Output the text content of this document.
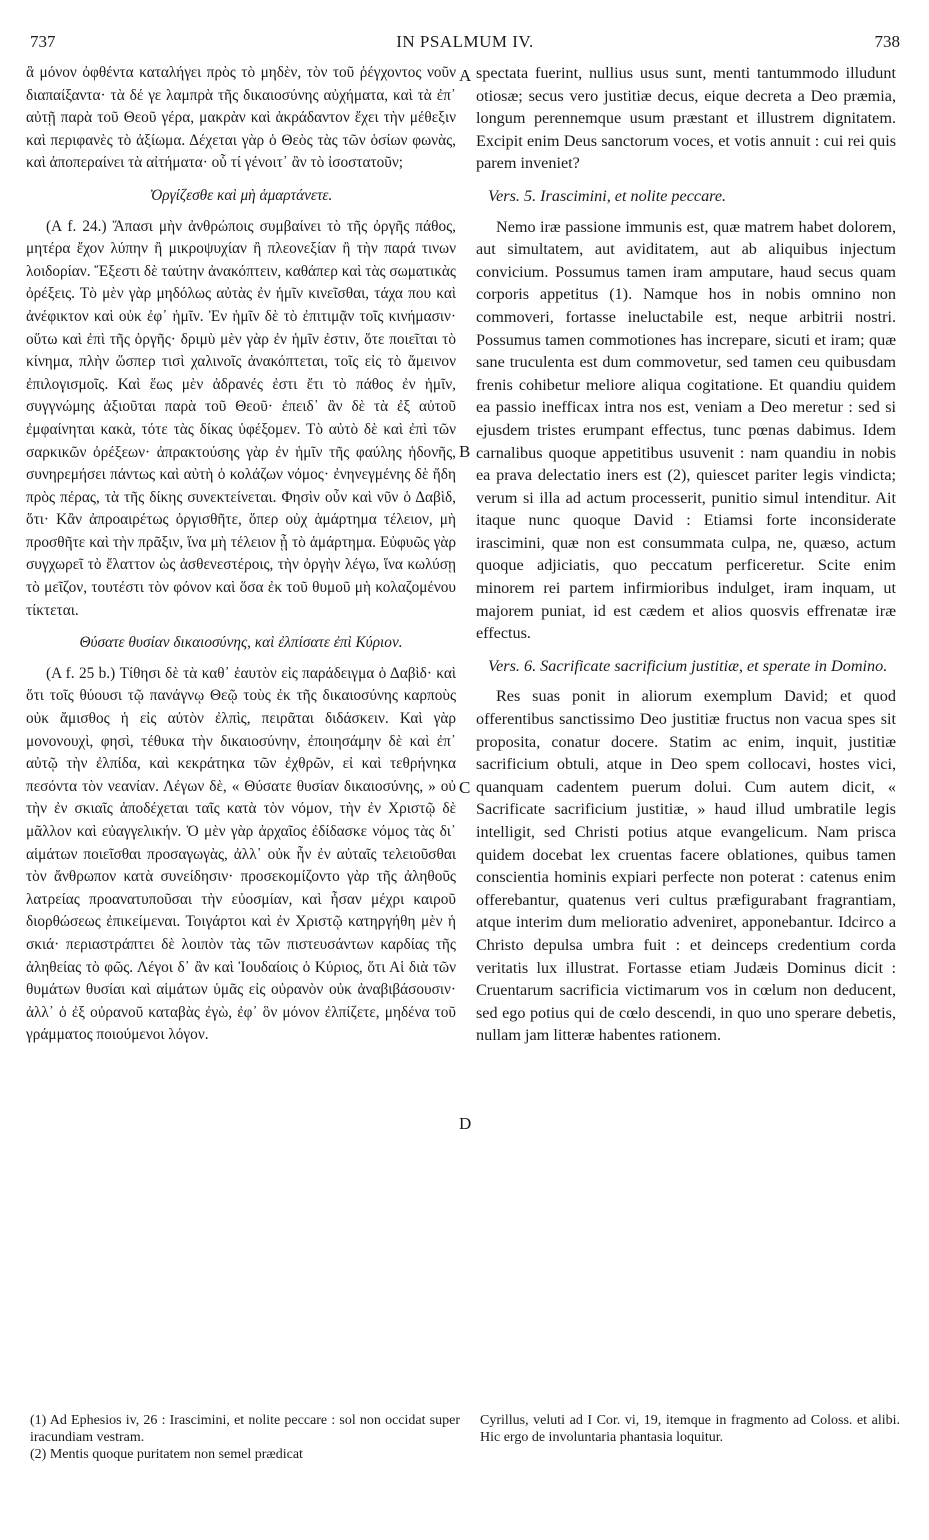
737	IN PSALMUM IV.	738

ἃ μόνον ὀφθέντα καταλήγει πρὸς τὸ μηδὲν, τὸν τοῦ ῥέγχοντος νοῦν διαπαίξαντα· τὰ δέ γε λαμπρὰ τῆς δικαιοσύνης αὐχήματα, καὶ τὰ ἐπ᾿ αὐτῇ παρὰ τοῦ Θεοῦ γέρα, μακρὰν καὶ ἀκράδαντον ἔχει τὴν μέθεξιν καὶ περιφανὲς τὸ ἀξίωμα. Δέχεται γὰρ ὁ Θεὸς τὰς τῶν ὁσίων φωνὰς, καὶ ἀποπεραίνει τὰ αἰτήματα· οὗ τί γένοιτ᾿ ἂν τὸ ἰσοστατοῦν;

Ὀργίζεσθε καὶ μὴ ἁμαρτάνετε.

(A f. 24.) Ἅπασι μὴν ἀνθρώποις συμβαίνει τὸ τῆς ὀργῆς πάθος, μητέρα ἔχον λύπην ἢ μικροψυχίαν ἢ πλεονεξίαν ἢ τὴν παρά τινων λοιδορίαν. Ἔξεστι δὲ ταύτην ἀνακόπτειν, καθάπερ καὶ τὰς σωματικὰς ὀρέξεις. Τὸ μὲν γὰρ μηδόλως αὐτὰς ἐν ἡμῖν κινεῖσθαι, τάχα που καὶ ἀνέφικτον καὶ οὐκ ἐφ᾿ ἡμῖν. Ἐν ἡμῖν δὲ τὸ ἐπιτιμᾷν τοῖς κινήμασιν· οὕτω καὶ ἐπὶ τῆς ὀργῆς· δριμὺ μὲν γὰρ ἐν ἡμῖν ἐστιν, ὅτε ποιεῖται τὸ κίνημα, πλὴν ὥσπερ τισὶ χαλινοῖς ἀνακόπτεται, τοῖς εἰς τὸ ἄμεινον ἐπιλογισμοῖς. Καὶ ἕως μὲν ἀδρανές ἐστι ἔτι τὸ πάθος ἐν ἡμῖν, συγγνώμης ἀξιοῦται παρὰ τοῦ Θεοῦ· ἐπειδ᾿ ἂν δὲ τὰ ἐξ αὐτοῦ ἐμφαίνηται κακὰ, τότε τὰς δίκας ὑφέξομεν. Τὸ αὐτὸ δὲ καὶ ἐπὶ τῶν σαρκικῶν ὀρέξεων· ἀπρακτούσης γὰρ ἐν ἡμῖν τῆς φαύλης ἡδονῆς, συνηρεμήσει πάντως καὶ αὐτὴ ὁ κολάζων νόμος· ἐνηνεγμένης δὲ ἤδη πρὸς πέρας, τὰ τῆς δίκης συνεκτείνεται. Φησὶν οὖν καὶ νῦν ὁ Δαβὶδ, ὅτι· Κἂν ἀπροαιρέτως ὀργισθῆτε, ὅπερ οὐχ ἁμάρτημα τέλειον, μὴ προσθῆτε καὶ τὴν πρᾶξιν, ἵνα μὴ τέλειον ᾖ τὸ ἁμάρτημα. Εὐφυῶς γὰρ συγχωρεῖ τὸ ἔλαττον ὡς ἀσθενεστέροις, τὴν ὀργὴν λέγω, ἵνα κωλύσῃ τὸ μεῖζον, τουτέστι τὸν φόνον καὶ ὅσα ἐκ τοῦ θυμοῦ μὴ κολαζομένου τίκτεται.

Θύσατε θυσίαν δικαιοσύνης, καὶ ἐλπίσατε ἐπὶ Κύριον.

(A f. 25 b.) Τίθησι δὲ τὰ καθ᾿ ἑαυτὸν εἰς παράδειγμα ὁ Δαβὶδ· καὶ ὅτι τοῖς θύουσι τῷ πανάγνῳ Θεῷ τοὺς ἐκ τῆς δικαιοσύνης καρποὺς οὐκ ἄμισθος ἡ εἰς αὐτὸν ἐλπὶς, πειρᾶται διδάσκειν. Καὶ γὰρ μονονουχὶ, φησὶ, τέθυκα τὴν δικαιοσύνην, ἐποιησάμην δὲ καὶ ἐπ᾿ αὐτῷ τὴν ἐλπίδα, καὶ κεκράτηκα τῶν ἐχθρῶν, εἰ καὶ τεθρήνηκα πεσόντα τὸν νεανίαν. Λέγων δὲ, « Θύσατε θυσίαν δικαιοσύνης, » οὐ τὴν ἐν σκιαῖς ἀποδέχεται ταῖς κατὰ τὸν νόμον, τὴν ἐν Χριστῷ δὲ μᾶλλον καὶ εὐαγγελικήν. Ὁ μὲν γὰρ ἀρχαῖος ἐδίδασκε νόμος τὰς δι᾿ αἱμάτων ποιεῖσθαι προσαγωγὰς, ἀλλ᾿ οὐκ ἦν ἐν αὐταῖς τελειοῦσθαι τὸν ἄνθρωπον κατὰ συνείδησιν· προσεκομίζοντο γὰρ τῆς ἀληθοῦς λατρείας προανατυποῦσαι τὴν εὐοσμίαν, καὶ ἦσαν μέχρι καιροῦ διορθώσεως ἐπικείμεναι. Τοιγάρτοι καὶ ἐν Χριστῷ κατηργήθη μὲν ἡ σκιά· περιαστράπτει δὲ λοιπὸν τὰς τῶν πιστευσάντων καρδίας τῆς ἀληθείας τὸ φῶς. Λέγοι δ᾿ ἂν καὶ Ἰουδαίοις ὁ Κύριος, ὅτι Αἱ διὰ τῶν θυμάτων θυσίαι καὶ αἱμάτων ὑμᾶς εἰς οὐρανὸν οὐκ ἀναβιβάσουσιν· ἀλλ᾿ ὁ ἐξ οὐρανοῦ καταβὰς ἐγὼ, ἐφ᾿ ὃν μόνον ἐλπίζετε, μηδένα τοῦ γράμματος ποιούμενοι λόγον.

spectata fuerint, nullius usus sunt, menti tantummodo illudunt otiosæ; secus vero justitiæ decus, eique decreta a Deo præmia, longum perennemque usum præstant et illustrem dignitatem. Excipit enim Deus sanctorum voces, et votis annuit : cui rei quis parem inveniet?

Vers. 5. Irascimini, et nolite peccare.

Nemo iræ passione immunis est, quæ matrem habet dolorem, aut simultatem, aut aviditatem, aut ab aliquibus injectum convicium. Possumus tamen iram amputare, haud secus quam corporis appetitus (1). Namque hos in nobis omnino non commoveri, fortasse ineluctabile est, neque arbitrii nostri. Possumus tamen commotiones has increpare, sicuti et iram; quæ sane truculenta est dum commovetur, sed tamen ceu quibusdam frenis cohibetur meliore aliqua cogitatione. Et quandiu quidem ea passio inefficax intra nos est, veniam a Deo meretur : sed si ejusdem tristes erumpant effectus, tunc pœnas dabimus. Idem carnalibus quoque appetitibus usuvenit : nam quandiu in nobis ea prava delectatio iners est (2), quiescet pariter legis vindicta; verum si illa ad actum processerit, punitio simul intenditur. Ait itaque nunc quoque David : Etiamsi forte inconsiderate irascimini, quæ non est consummata culpa, ne, quæso, actum quoque adjiciatis, quo peccatum perficeretur. Scite enim minorem rei partem infirmioribus indulget, iram inquam, ut majorem puniat, id est cædem et alios quosvis effrenatæ iræ effectus.

Vers. 6. Sacrificate sacrificium justitiæ, et sperate in Domino.

Res suas ponit in aliorum exemplum David; et quod offerentibus sanctissimo Deo justitiæ fructus non vacua spes sit proposita, conatur docere. Statim ac enim, inquit, justitiæ sacrificium obtuli, atque in Deo spem collocavi, hostes vici, quanquam cadentem puerum dolui. Cum autem dicit, « Sacrificate sacrificium justitiæ, » haud illud umbratile legis intelligit, sed Christi potius atque evangelicum. Nam prisca quidem docebat lex cruentas facere oblationes, quibus tamen conscientia hominis expiari perfecte non poterat : catenus enim offerebantur, quatenus veri cultus præfigurabant fragrantiam, atque interim dum melioratio adveniret, apponebantur. Idcirco a Christo depulsa umbra fuit : et deinceps credentium corda veritatis lux illustrat. Fortasse etiam Judæis Dominus dicit : Cruentarum sacrificia victimarum vos in cœlum non deducent, sed ego potius qui de cœlo descendi, in quo uno sperare debetis, nullam jam litteræ habentes rationem.

A
B
C
D

(1) Ad Ephesios iv, 26 : Irascimini, et nolite peccare : sol non occidat super iracundiam vestram.

(2) Mentis quoque puritatem non semel prædicat

Cyrillus, veluti ad I Cor. vi, 19, itemque in fragmento ad Coloss. et alibi. Hic ergo de involuntaria phantasia loquitur.
